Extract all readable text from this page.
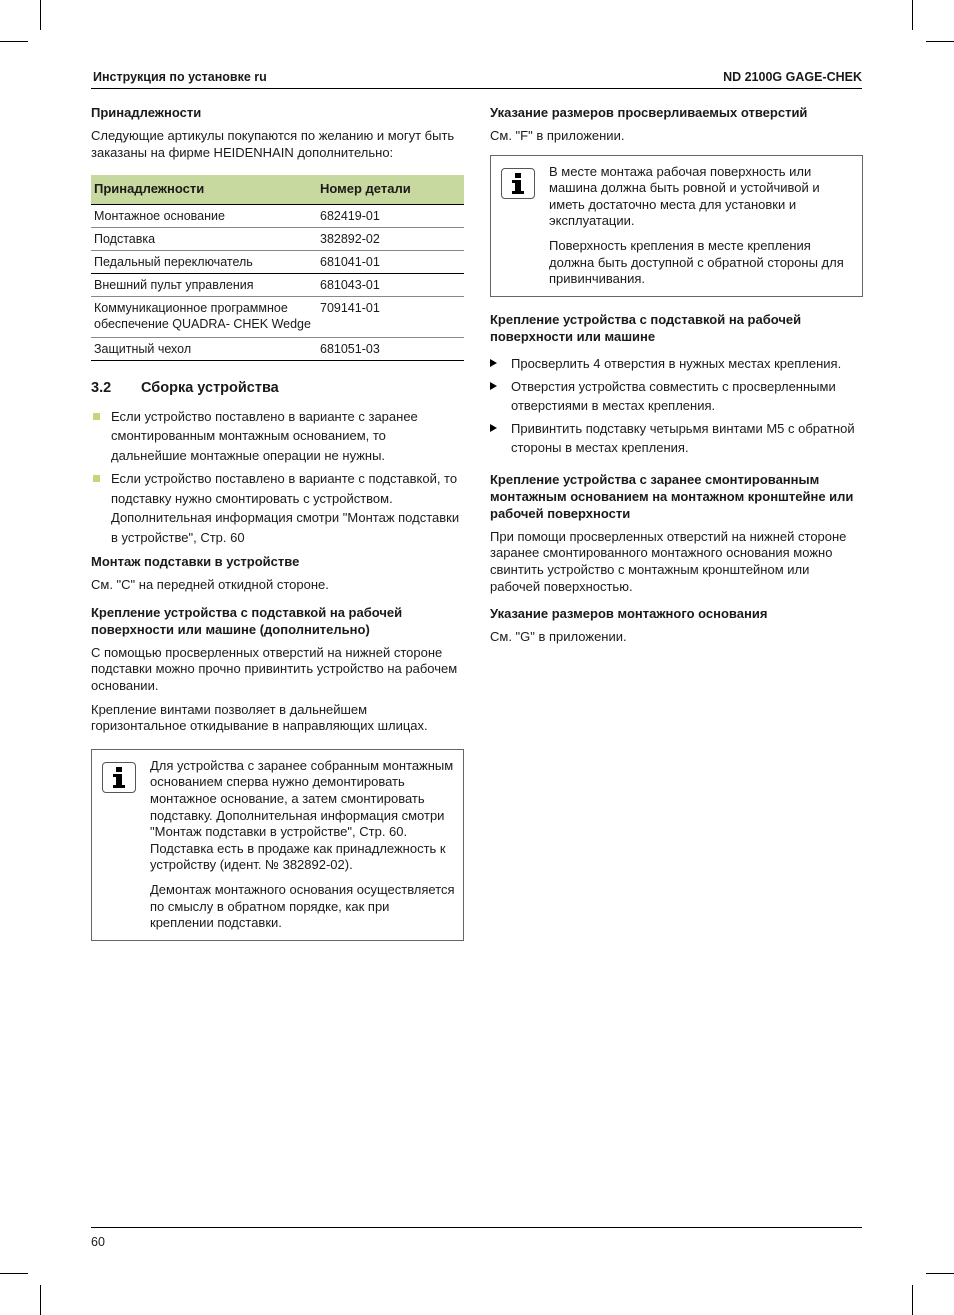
Инструкция по установке ru	ND 2100G GAGE-CHEK
Принадлежности

Следующие артикулы покупаются по желанию и могут быть заказаны на фирме HEIDENHAIN дополнительно:

Принадлежности	Номер детали
Монтажное основание	682419-01
Подставка	382892-02
Педальный переключатель	681041-01
Внешний пульт управления	681043-01
Коммуникационное программное обеспечение QUADRA- CHEK Wedge	709141-01
Защитный чехол	681051-03
3.2 Сборка устройства
Если устройство поставлено в варианте с заранее смонтированным монтажным основанием, то дальнейшие монтажные операции не нужны.
Если устройство поставлено в варианте с подставкой, то подставку нужно смонтировать с устройством. Дополнительная информация смотри "Монтаж подставки в устройстве", Стр. 60
Монтаж подставки в устройстве

См. "C" на передней откидной стороне.

Крепление устройства с подставкой на рабочей поверхности или машине (дополнительно)

С помощью просверленных отверстий на нижней стороне подставки можно прочно привинтить устройство на рабочем основании.

Крепление винтами позволяет в дальнейшем горизонтальное откидывание в направляющих шлицах.

Для устройства с заранее собранным монтажным основанием сперва нужно демонтировать монтажное основание, а затем смонтировать подставку. Дополнительная информация смотри "Монтаж подставки в устройстве", Стр. 60. Подставка есть в продаже как принадлежность к устройству (идент. № 382892-02).

Демонтаж монтажного основания осуществляется по смыслу в обратном порядке, как при креплении подставки.

Указание размеров просверливаемых отверстий

См. "F" в приложении.

В месте монтажа рабочая поверхность или машина должна быть ровной и устойчивой и иметь достаточно места для установки и эксплуатации.

Поверхность крепления в месте крепления должна быть доступной с обратной стороны для привинчивания.

Крепление устройства с подставкой на рабочей поверхности или машине
Просверлить 4 отверстия в нужных местах крепления.
Отверстия устройства совместить с просверленными отверстиями в местах крепления.
Привинтить подставку четырьмя винтами M5 с обратной стороны в местах крепления.
Крепление устройства с заранее смонтированным монтажным основанием на монтажном кронштейне или рабочей поверхности

При помощи просверленных отверстий на нижней стороне заранее смонтированного монтажного основания можно свинтить устройство с монтажным кронштейном или рабочей поверхностью.

Указание размеров монтажного основания

См. "G" в приложении.

60
